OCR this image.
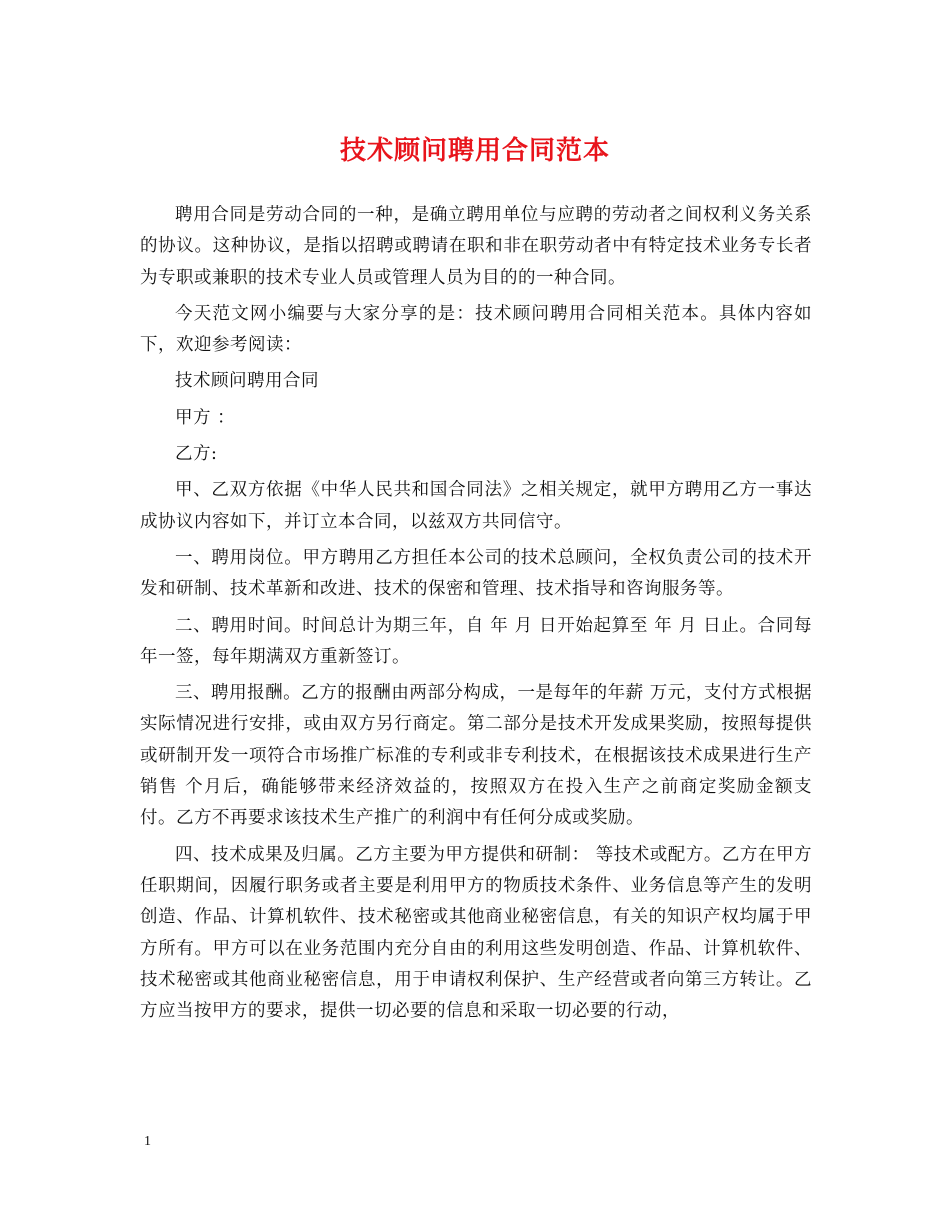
技术顾问聘用合同范本

聘用合同是劳动合同的一种，是确立聘用单位与应聘的劳动者之间权利义务关系的协议。这种协议，是指以招聘或聘请在职和非在职劳动者中有特定技术业务专长者为专职或兼职的技术专业人员或管理人员为目的的一种合同。

今天范文网小编要与大家分享的是：技术顾问聘用合同相关范本。具体内容如下，欢迎参考阅读：

技术顾问聘用合同

甲方 ：

乙方:

甲、乙双方依据《中华人民共和国合同法》之相关规定，就甲方聘用乙方一事达成协议内容如下，并订立本合同，以兹双方共同信守。

一、聘用岗位。甲方聘用乙方担任本公司的技术总顾问，全权负责公司的技术开发和研制、技术革新和改进、技术的保密和管理、技术指导和咨询服务等。

二、聘用时间。时间总计为期三年，自 年 月 日开始起算至 年 月 日止。合同每年一签，每年期满双方重新签订。

三、聘用报酬。乙方的报酬由两部分构成，一是每年的年薪 万元，支付方式根据实际情况进行安排，或由双方另行商定。第二部分是技术开发成果奖励，按照每提供或研制开发一项符合市场推广标准的专利或非专利技术，在根据该技术成果进行生产销售 个月后，确能够带来经济效益的，按照双方在投入生产之前商定奖励金额支付。乙方不再要求该技术生产推广的利润中有任何分成或奖励。

四、技术成果及归属。乙方主要为甲方提供和研制： 等技术或配方。乙方在甲方任职期间，因履行职务或者主要是利用甲方的物质技术条件、业务信息等产生的发明创造、作品、计算机软件、技术秘密或其他商业秘密信息，有关的知识产权均属于甲方所有。甲方可以在业务范围内充分自由的利用这些发明创造、作品、计算机软件、技术秘密或其他商业秘密信息，用于申请权利保护、生产经营或者向第三方转让。乙方应当按甲方的要求，提供一切必要的信息和采取一切必要的行动，

1
